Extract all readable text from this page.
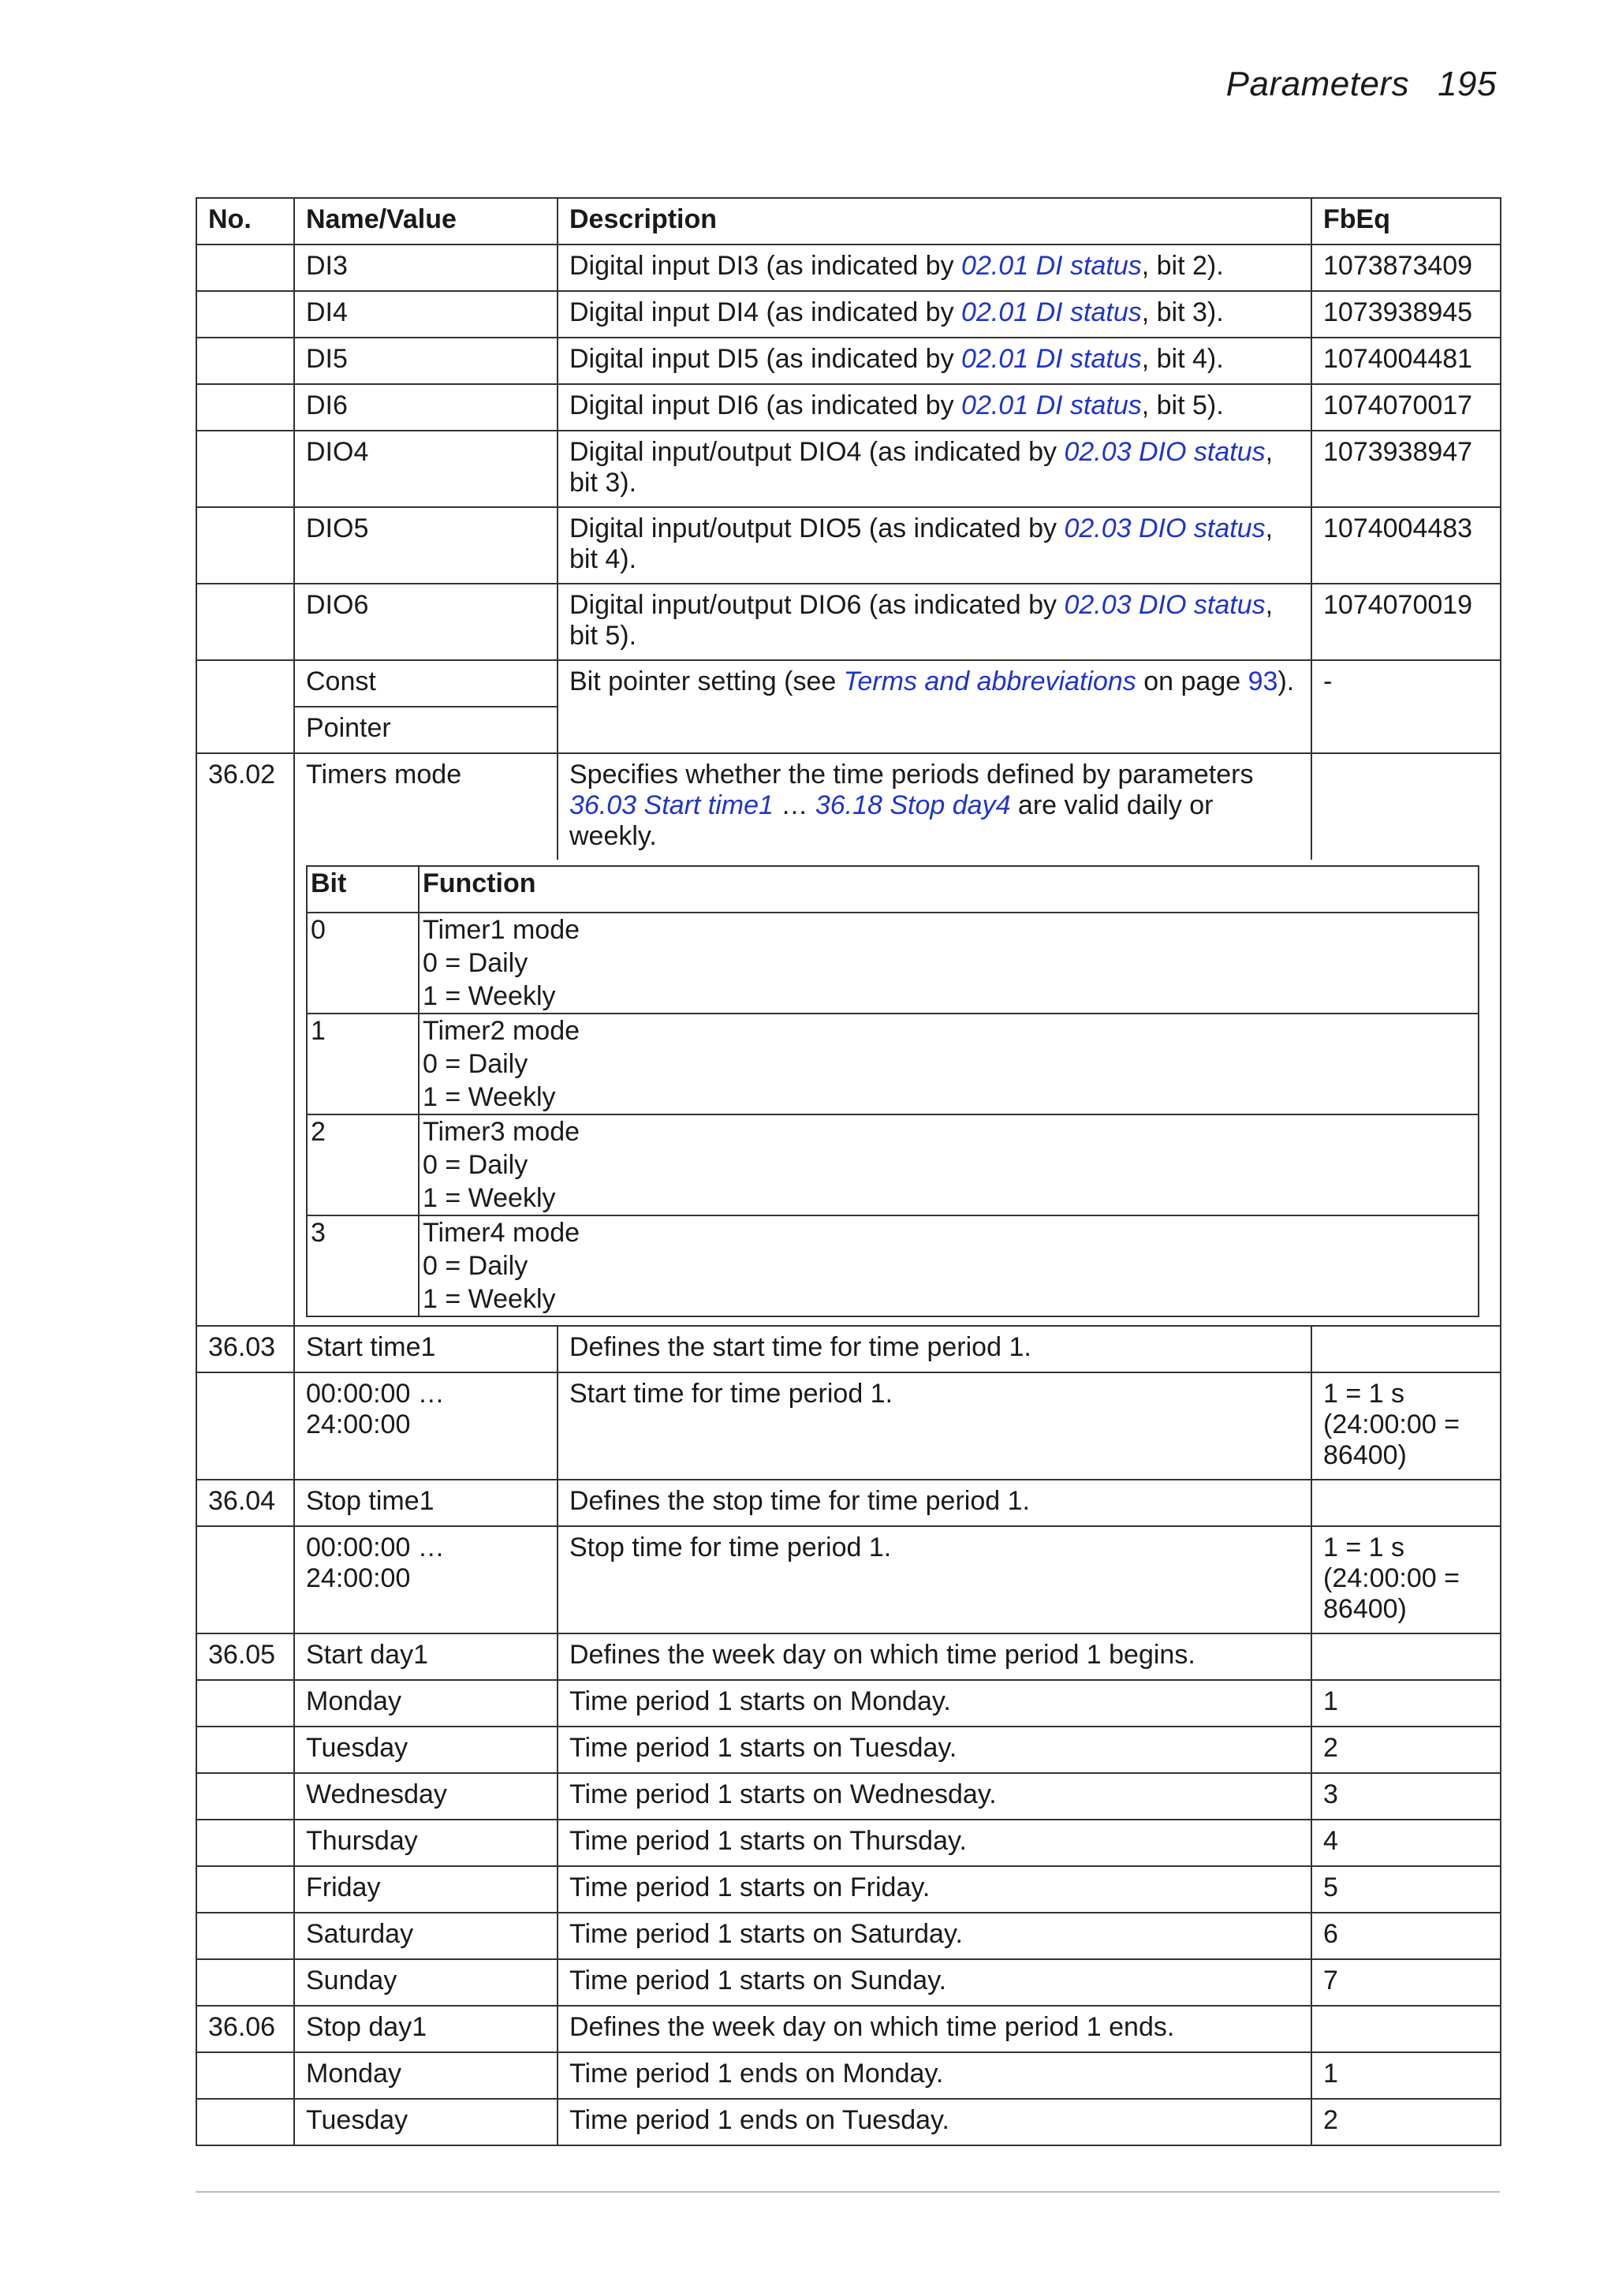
Parameters 195
No.	Name/Value	Description	FbEq
	DI3	Digital input DI3 (as indicated by 02.01 DI status, bit 2).	1073873409
	DI4	Digital input DI4 (as indicated by 02.01 DI status, bit 3).	1073938945
	DI5	Digital input DI5 (as indicated by 02.01 DI status, bit 4).	1074004481
	DI6	Digital input DI6 (as indicated by 02.01 DI status, bit 5).	1074070017
	DIO4	Digital input/output DIO4 (as indicated by 02.03 DIO status, bit 3).	1073938947
	DIO5	Digital input/output DIO5 (as indicated by 02.03 DIO status, bit 4).	1074004483
	DIO6	Digital input/output DIO6 (as indicated by 02.03 DIO status, bit 5).	1074070019
	Const	Bit pointer setting (see Terms and abbreviations on page 93).	-
Pointer
36.02	Timers mode	Specifies whether the time periods defined by parameters 36.03 Start time1 … 36.18 Stop day4 are valid daily or weekly.	

Bit	Function
0	Timer1 mode
0 = Daily
1 = Weekly

1	Timer2 mode
0 = Daily
1 = Weekly

2	Timer3 mode
0 = Daily
1 = Weekly

3	Timer4 mode
0 = Daily
1 = Weekly

36.03	Start time1	Defines the start time for time period 1.	
	00:00:00 … 24:00:00	Start time for time period 1.	1 = 1 s (24:00:00 = 86400)
36.04	Stop time1	Defines the stop time for time period 1.	
	00:00:00 … 24:00:00	Stop time for time period 1.	1 = 1 s (24:00:00 = 86400)
36.05	Start day1	Defines the week day on which time period 1 begins.	
	Monday	Time period 1 starts on Monday.	1
	Tuesday	Time period 1 starts on Tuesday.	2
	Wednesday	Time period 1 starts on Wednesday.	3
	Thursday	Time period 1 starts on Thursday.	4
	Friday	Time period 1 starts on Friday.	5
	Saturday	Time period 1 starts on Saturday.	6
	Sunday	Time period 1 starts on Sunday.	7
36.06	Stop day1	Defines the week day on which time period 1 ends.	
	Monday	Time period 1 ends on Monday.	1
	Tuesday	Time period 1 ends on Tuesday.	2
